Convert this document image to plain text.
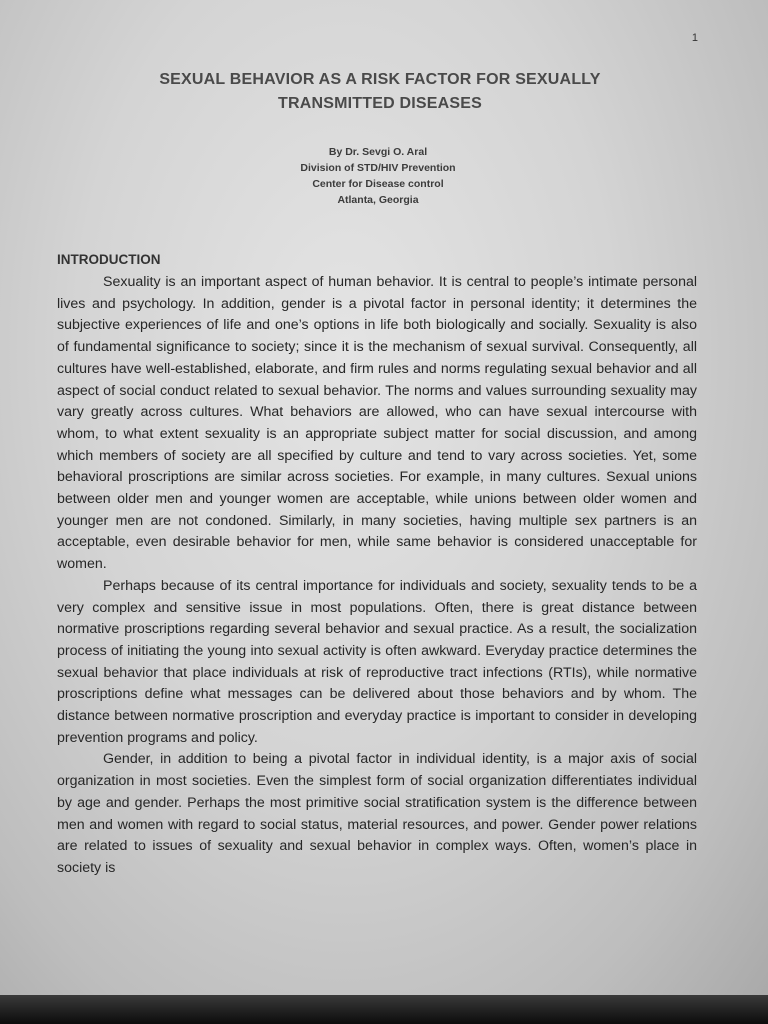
1
SEXUAL BEHAVIOR AS A RISK FACTOR FOR SEXUALLY TRANSMITTED DISEASES
By Dr. Sevgi O. Aral
Division of STD/HIV Prevention
Center for Disease control
Atlanta, Georgia
INTRODUCTION

Sexuality is an important aspect of human behavior. It is central to people’s intimate personal lives and psychology. In addition, gender is a pivotal factor in personal identity; it determines the subjective experiences of life and one’s options in life both biologically and socially. Sexuality is also of fundamental significance to society; since it is the mechanism of sexual survival. Consequently, all cultures have well-established, elaborate, and firm rules and norms regulating sexual behavior and all aspect of social conduct related to sexual behavior. The norms and values surrounding sexuality may vary greatly across cultures. What behaviors are allowed, who can have sexual intercourse with whom, to what extent sexuality is an appropriate subject matter for social discussion, and among which members of society are all specified by culture and tend to vary across societies. Yet, some behavioral proscriptions are similar across societies. For example, in many cultures. Sexual unions between older men and younger women are acceptable, while unions between older women and younger men are not condoned. Similarly, in many societies, having multiple sex partners is an acceptable, even desirable behavior for men, while same behavior is considered unacceptable for women.

Perhaps because of its central importance for individuals and society, sexuality tends to be a very complex and sensitive issue in most populations. Often, there is great distance between normative proscriptions regarding several behavior and sexual practice. As a result, the socialization process of initiating the young into sexual activity is often awkward. Everyday practice determines the sexual behavior that place individuals at risk of reproductive tract infections (RTIs), while normative proscriptions define what messages can be delivered about those behaviors and by whom. The distance between normative proscription and everyday practice is important to consider in developing prevention programs and policy.

Gender, in addition to being a pivotal factor in individual identity, is a major axis of social organization in most societies. Even the simplest form of social organization differentiates individual by age and gender. Perhaps the most primitive social stratification system is the difference between men and women with regard to social status, material resources, and power. Gender power relations are related to issues of sexuality and sexual behavior in complex ways. Often, women’s place in society is
